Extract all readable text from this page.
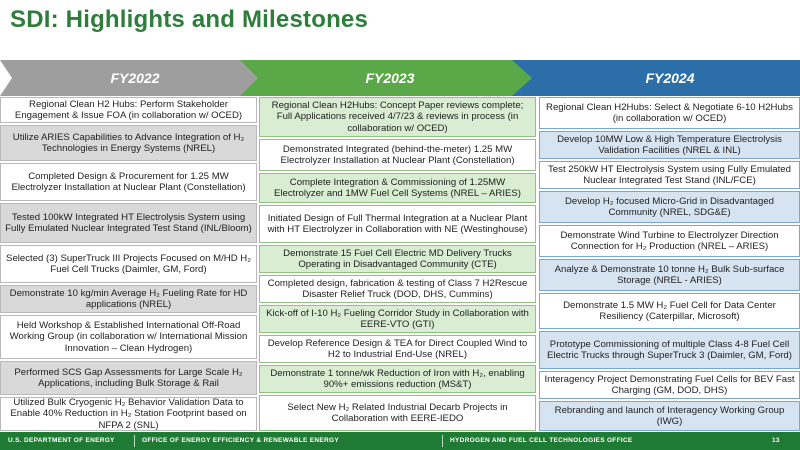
SDI: Highlights and Milestones
FY2022	FY2023	FY2024
Regional Clean H2 Hubs: Perform Stakeholder Engagement & Issue FOA (in collaboration w/ OCED)
Utilize ARIES Capabilities to Advance Integration of H₂ Technologies in Energy Systems (NREL)
Completed Design & Procurement for 1.25 MW Electrolyzer Installation at Nuclear Plant (Constellation)
Tested 100kW Integrated HT Electrolysis System using Fully Emulated Nuclear Integrated Test Stand (INL/Bloom)
Selected (3) SuperTruck III Projects Focused on M/HD H₂ Fuel Cell Trucks (Daimler, GM, Ford)
Demonstrate 10 kg/min Average H₂ Fueling Rate for HD applications (NREL)
Held Workshop & Established International Off-Road Working Group (in collaboration w/ International Mission Innovation – Clean Hydrogen)
Performed SCS Gap Assessments for Large Scale H₂ Applications, including Bulk Storage & Rail
Utilized Bulk Cryogenic H₂ Behavior Validation Data to Enable 40% Reduction in H₂ Station Footprint based on NFPA 2 (SNL)
Regional Clean H2Hubs: Concept Paper reviews complete; Full Applications received 4/7/23 & reviews in process (in collaboration w/ OCED)
Demonstrated Integrated (behind-the-meter) 1.25 MW Electrolyzer Installation at Nuclear Plant (Constellation)
Complete Integration & Commissioning of 1.25MW Electrolyzer and 1MW Fuel Cell Systems (NREL – ARIES)
Initiated Design of Full Thermal Integration at a Nuclear Plant with HT Electrolyzer in Collaboration with NE (Westinghouse)
Demonstrate 15 Fuel Cell Electric MD Delivery Trucks Operating in Disadvantaged Community (CTE)
Completed design, fabrication & testing of Class 7 H2Rescue Disaster Relief Truck (DOD, DHS, Cummins)
Kick-off of I-10 H₂ Fueling Corridor Study in Collaboration with EERE-VTO (GTI)
Develop Reference Design & TEA for Direct Coupled Wind to H2 to Industrial End-Use (NREL)
Demonstrate 1 tonne/wk Reduction of Iron with H₂, enabling 90%+ emissions reduction (MS&T)
Select New H₂ Related Industrial Decarb Projects in Collaboration with EERE-IEDO
Regional Clean H2Hubs: Select & Negotiate 6-10 H2Hubs (in collaboration w/ OCED)
Develop 10MW Low & High Temperature Electrolysis Validation Facilities (NREL & INL)
Test 250kW HT Electrolysis System using Fully Emulated Nuclear Integrated Test Stand (INL/FCE)
Develop H₂ focused Micro-Grid in Disadvantaged Community (NREL, SDG&E)
Demonstrate Wind Turbine to Electrolyzer Direction Connection for H₂ Production (NREL – ARIES)
Analyze & Demonstrate 10 tonne H₂ Bulk Sub-surface Storage (NREL - ARIES)
Demonstrate 1.5 MW H₂ Fuel Cell for Data Center Resiliency (Caterpillar, Microsoft)
Prototype Commissioning of multiple Class 4-8 Fuel Cell Electric Trucks through SuperTruck 3 (Daimler, GM, Ford)
Interagency Project Demonstrating Fuel Cells for BEV Fast Charging (GM, DOD, DHS)
Rebranding and launch of Interagency Working Group (IWG)
U.S. DEPARTMENT OF ENERGY	OFFICE OF ENERGY EFFICIENCY & RENEWABLE ENERGY	HYDROGEN AND FUEL CELL TECHNOLOGIES OFFICE	13
